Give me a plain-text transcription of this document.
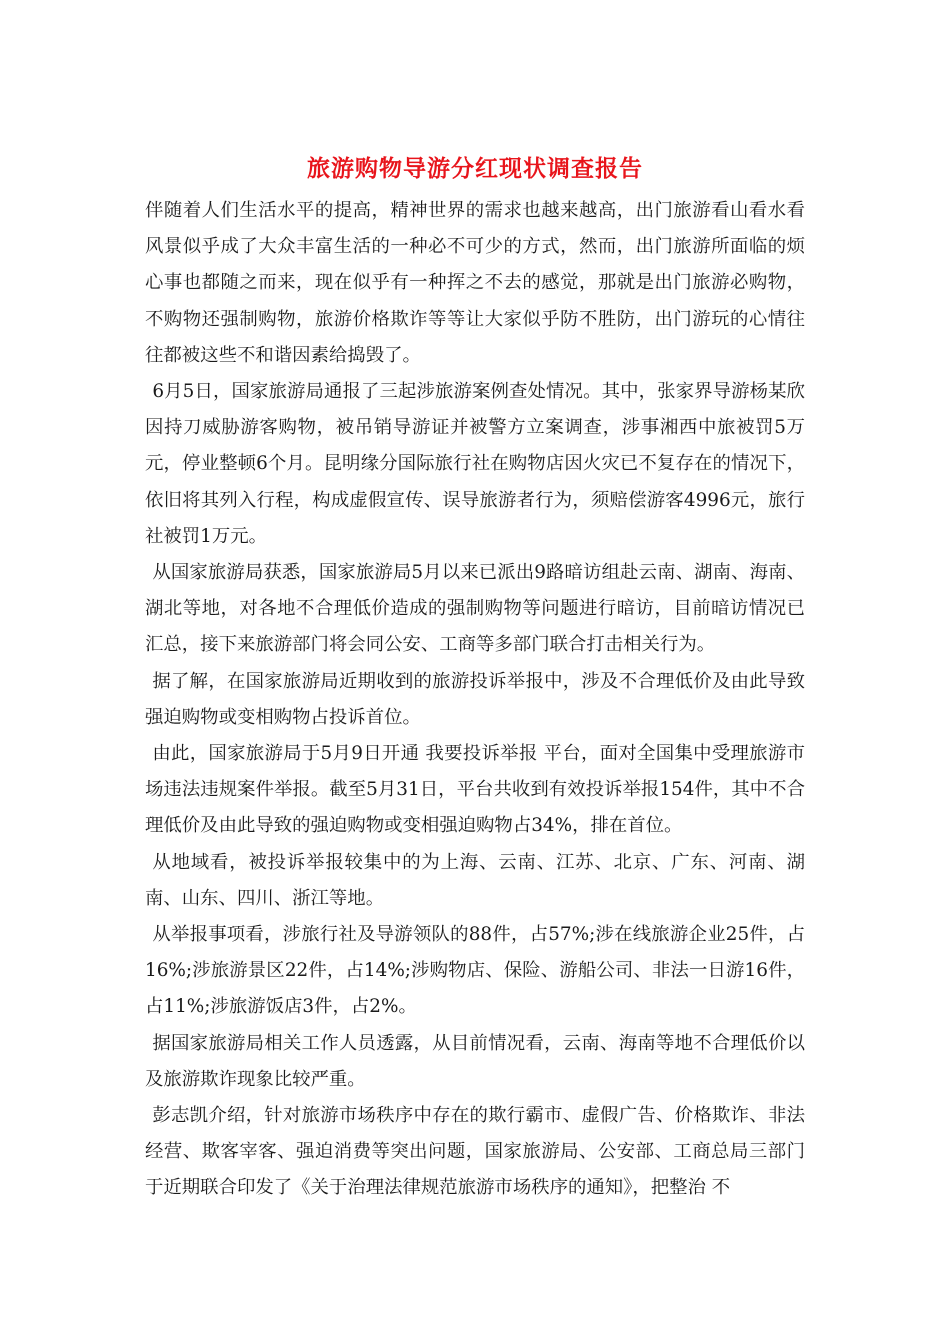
旅游购物导游分红现状调查报告

伴随着人们生活水平的提高，精神世界的需求也越来越高，出门旅游看山看水看风景似乎成了大众丰富生活的一种必不可少的方式，然而，出门旅游所面临的烦心事也都随之而来，现在似乎有一种挥之不去的感觉，那就是出门旅游必购物，不购物还强制购物，旅游价格欺诈等等让大家似乎防不胜防，出门游玩的心情往往都被这些不和谐因素给捣毁了。

6月5日，国家旅游局通报了三起涉旅游案例查处情况。其中，张家界导游杨某欣因持刀威胁游客购物，被吊销导游证并被警方立案调查，涉事湘西中旅被罚5万元，停业整顿6个月。昆明缘分国际旅行社在购物店因火灾已不复存在的情况下，依旧将其列入行程，构成虚假宣传、误导旅游者行为，须赔偿游客4996元，旅行社被罚1万元。

从国家旅游局获悉，国家旅游局5月以来已派出9路暗访组赴云南、湖南、海南、湖北等地，对各地不合理低价造成的强制购物等问题进行暗访，目前暗访情况已汇总，接下来旅游部门将会同公安、工商等多部门联合打击相关行为。

据了解，在国家旅游局近期收到的旅游投诉举报中，涉及不合理低价及由此导致强迫购物或变相购物占投诉首位。

由此，国家旅游局于5月9日开通 我要投诉举报 平台，面对全国集中受理旅游市场违法违规案件举报。截至5月31日，平台共收到有效投诉举报154件，其中不合理低价及由此导致的强迫购物或变相强迫购物占34%，排在首位。

从地域看，被投诉举报较集中的为上海、云南、江苏、北京、广东、河南、湖南、山东、四川、浙江等地。

从举报事项看，涉旅行社及导游领队的88件，占57%;涉在线旅游企业25件，占16%;涉旅游景区22件，占14%;涉购物店、保险、游船公司、非法一日游16件，占11%;涉旅游饭店3件，占2%。

据国家旅游局相关工作人员透露，从目前情况看，云南、海南等地不合理低价以及旅游欺诈现象比较严重。

彭志凯介绍，针对旅游市场秩序中存在的欺行霸市、虚假广告、价格欺诈、非法经营、欺客宰客、强迫消费等突出问题，国家旅游局、公安部、工商总局三部门于近期联合印发了《关于治理法律规范旅游市场秩序的通知》，把整治 不
